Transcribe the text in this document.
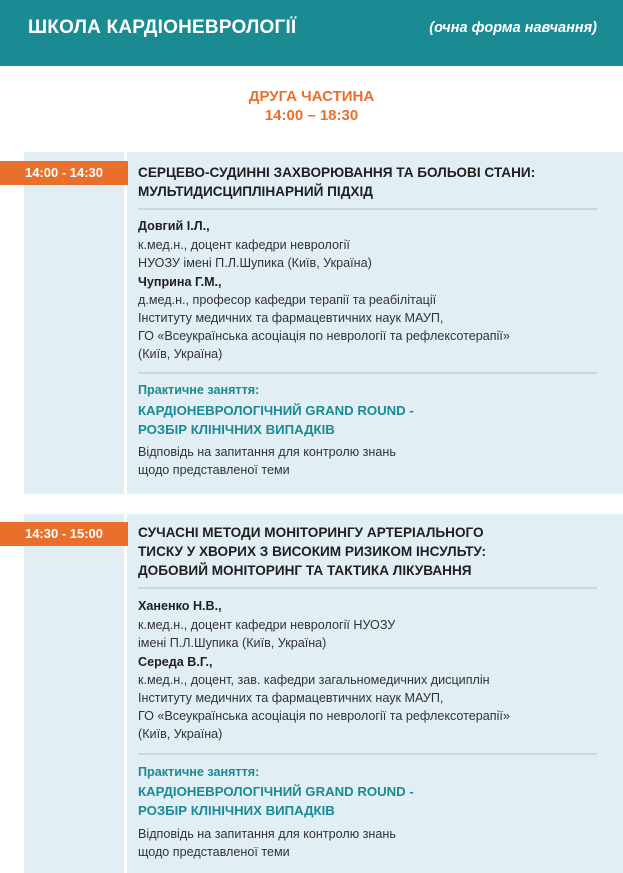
ШКОЛА КАРДІОНЕВРОЛОГІЇ	(очна форма навчання)
ДРУГА ЧАСТИНА
14:00 – 18:30
14:00 - 14:30	СЕРЦЕВО-СУДИННІ ЗАХВОРЮВАННЯ ТА БОЛЬОВІ СТАНИ:
МУЛЬТИДИСЦИПЛІНАРНИЙ ПІДХІД
Довгий І.Л.,
к.мед.н., доцент кафедри неврології
НУОЗУ імені П.Л.Шупика (Київ, Україна)
Чуприна Г.М.,
д.мед.н., професор кафедри терапії та реабілітації
Інституту медичних та фармацевтичних наук МАУП,
ГО «Всеукраїнська асоціація по неврології та рефлексотерапії»
(Київ, Україна)
Практичне заняття:
КАРДІОНЕВРОЛОГІЧНИЙ GRAND ROUND -
РОЗБІР КЛІНІЧНИХ ВИПАДКІВ
Відповідь на запитання для контролю знань
щодо представленої теми
14:30 - 15:00	СУЧАСНІ МЕТОДИ МОНІТОРИНГУ АРТЕРІАЛЬНОГО
ТИСКУ У ХВОРИХ З ВИСОКИМ РИЗИКОМ ІНСУЛЬТУ:
ДОБОВИЙ МОНІТОРИНГ ТА ТАКТИКА ЛІКУВАННЯ
Ханенко Н.В.,
к.мед.н., доцент кафедри неврології НУОЗУ
імені П.Л.Шупика (Київ, Україна)
Середа В.Г.,
к.мед.н., доцент, зав. кафедри загальномедичних дисциплін
Інституту медичних та фармацевтичних наук МАУП,
ГО «Всеукраїнська асоціація по неврології та рефлексотерапії»
(Київ, Україна)
Практичне заняття:
КАРДІОНЕВРОЛОГІЧНИЙ GRAND ROUND -
РОЗБІР КЛІНІЧНИХ ВИПАДКІВ
Відповідь на запитання для контролю знань
щодо представленої теми
